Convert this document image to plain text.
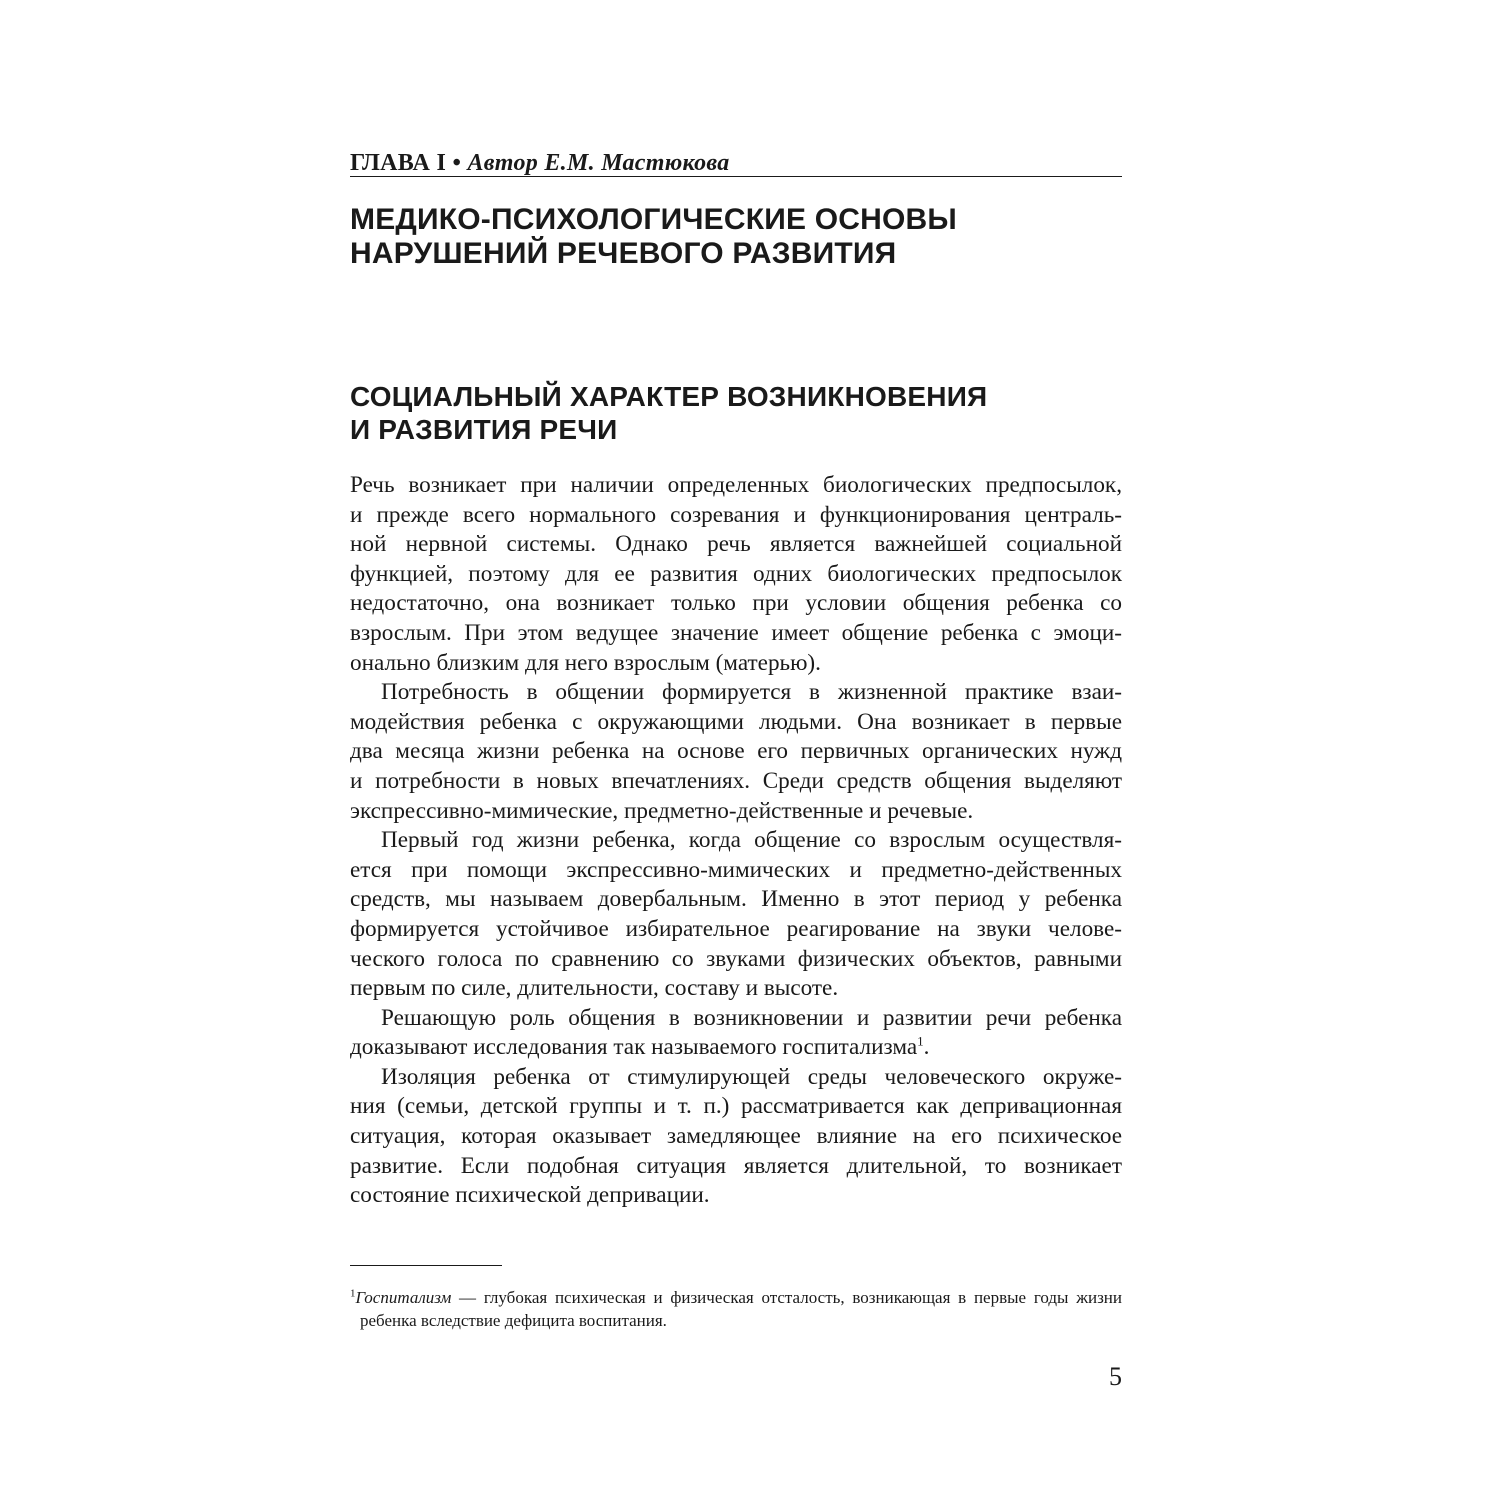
ГЛАВА I • Автор Е.М. Мастюкова
МЕДИКО-ПСИХОЛОГИЧЕСКИЕ ОСНОВЫ
НАРУШЕНИЙ РЕЧЕВОГО РАЗВИТИЯ
СОЦИАЛЬНЫЙ ХАРАКТЕР ВОЗНИКНОВЕНИЯ
И РАЗВИТИЯ РЕЧИ
Речь возникает при наличии определенных биологических предпосылок,
и прежде всего нормального созревания и функционирования централь-
ной нервной системы. Однако речь является важнейшей социальной
функцией, поэтому для ее развития одних биологических предпосылок
недостаточно, она возникает только при условии общения ребенка со
взрослым. При этом ведущее значение имеет общение ребенка с эмоци-
онально близким для него взрослым (матерью).
Потребность в общении формируется в жизненной практике взаи-
модействия ребенка с окружающими людьми. Она возникает в первые
два месяца жизни ребенка на основе его первичных органических нужд
и потребности в новых впечатлениях. Среди средств общения выделяют
экспрессивно-мимические, предметно-действенные и речевые.
Первый год жизни ребенка, когда общение со взрослым осуществля-
ется при помощи экспрессивно-мимических и предметно-действенных
средств, мы называем довербальным. Именно в этот период у ребенка
формируется устойчивое избирательное реагирование на звуки челове-
ческого голоса по сравнению со звуками физических объектов, равными
первым по силе, длительности, составу и высоте.
Решающую роль общения в возникновении и развитии речи ребенка
доказывают исследования так называемого госпитализма$^1$.
Изоляция ребенка от стимулирующей среды человеческого окруже-
ния (семьи, детской группы и т. п.) рассматривается как депривационная
ситуация, которая оказывает замедляющее влияние на его психическое
развитие. Если подобная ситуация является длительной, то возникает
состояние психической депривации.
$^1$Госпитализм — глубокая психическая и физическая отсталость, возникающая в первые годы жизни
ребенка вследствие дефицита воспитания.
5
